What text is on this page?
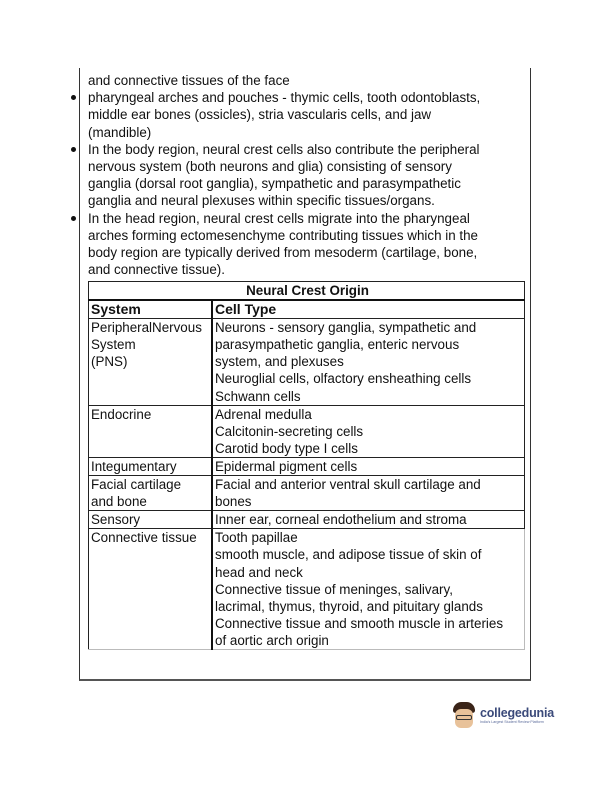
and connective tissues of the face

pharyngeal arches and pouches - thymic cells, tooth odontoblasts,
middle ear bones (ossicles), stria vascularis cells, and jaw
(mandible)
In the body region, neural crest cells also contribute the peripheral
nervous system (both neurons and glia) consisting of sensory
ganglia (dorsal root ganglia), sympathetic and parasympathetic
ganglia and neural plexuses within specific tissues/organs.
In the head region, neural crest cells migrate into the pharyngeal
arches forming ectomesenchyme contributing tissues which in the
body region are typically derived from mesoderm (cartilage, bone,
and connective tissue).
Neural Crest Origin	
System	Cell Type

PeripheralNervous
System
(PNS)	Neurons - sensory ganglia, sympathetic and
parasympathetic ganglia, enteric nervous
system, and plexuses
Neuroglial cells, olfactory ensheathing cells
Schwann cells

Endocrine	Adrenal medulla
Calcitonin-secreting cells
Carotid body type I cells

Integumentary	Epidermal pigment cells

Facial cartilage
and bone	Facial and anterior ventral skull cartilage and
bones

Sensory	Inner ear, corneal endothelium and stroma

Connective tissue	Tooth papillae
smooth muscle, and adipose tissue of skin of
head and neck
Connective tissue of meninges, salivary,
lacrimal, thymus, thyroid, and pituitary glands
Connective tissue and smooth muscle in arteries
of aortic arch origin
collegedunia
India's Largest Student Review Platform
